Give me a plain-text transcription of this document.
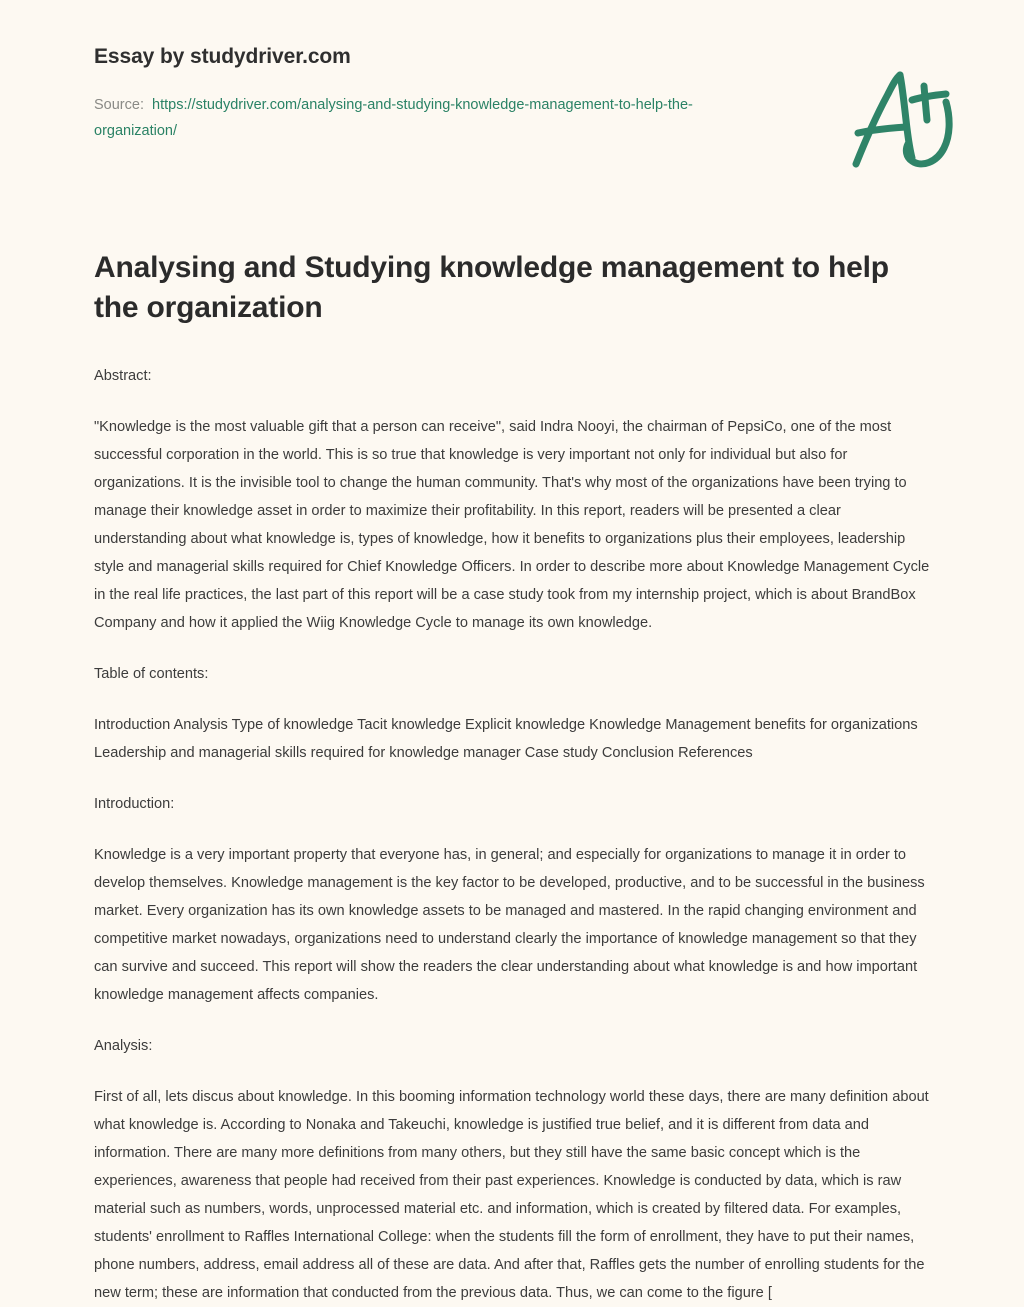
Essay by studydriver.com
Source: https://studydriver.com/analysing-and-studying-knowledge-management-to-help-the-organization/
Analysing and Studying knowledge management to help the organization

Abstract:

"Knowledge is the most valuable gift that a person can receive", said Indra Nooyi, the chairman of PepsiCo, one of the most successful corporation in the world. This is so true that knowledge is very important not only for individual but also for organizations. It is the invisible tool to change the human community. That's why most of the organizations have been trying to manage their knowledge asset in order to maximize their profitability. In this report, readers will be presented a clear understanding about what knowledge is, types of knowledge, how it benefits to organizations plus their employees, leadership style and managerial skills required for Chief Knowledge Officers. In order to describe more about Knowledge Management Cycle in the real life practices, the last part of this report will be a case study took from my internship project, which is about BrandBox Company and how it applied the Wiig Knowledge Cycle to manage its own knowledge.

Table of contents:

Introduction Analysis Type of knowledge Tacit knowledge Explicit knowledge Knowledge Management benefits for organizations Leadership and managerial skills required for knowledge manager Case study Conclusion References

Introduction:

Knowledge is a very important property that everyone has, in general; and especially for organizations to manage it in order to develop themselves. Knowledge management is the key factor to be developed, productive, and to be successful in the business market. Every organization has its own knowledge assets to be managed and mastered. In the rapid changing environment and competitive market nowadays, organizations need to understand clearly the importance of knowledge management so that they can survive and succeed. This report will show the readers the clear understanding about what knowledge is and how important knowledge management affects companies.

Analysis:

First of all, lets discus about knowledge. In this booming information technology world these days, there are many definition about what knowledge is. According to Nonaka and Takeuchi, knowledge is justified true belief, and it is different from data and information. There are many more definitions from many others, but they still have the same basic concept which is the experiences, awareness that people had received from their past experiences. Knowledge is conducted by data, which is raw material such as numbers, words, unprocessed material etc. and information, which is created by filtered data. For examples, students' enrollment to Raffles International College: when the students fill the form of enrollment, they have to put their names, phone numbers, address, email address all of these are data. And after that, Raffles gets the number of enrolling students for the new term; these are information that conducted from the previous data. Thus, we can come to the figure [
